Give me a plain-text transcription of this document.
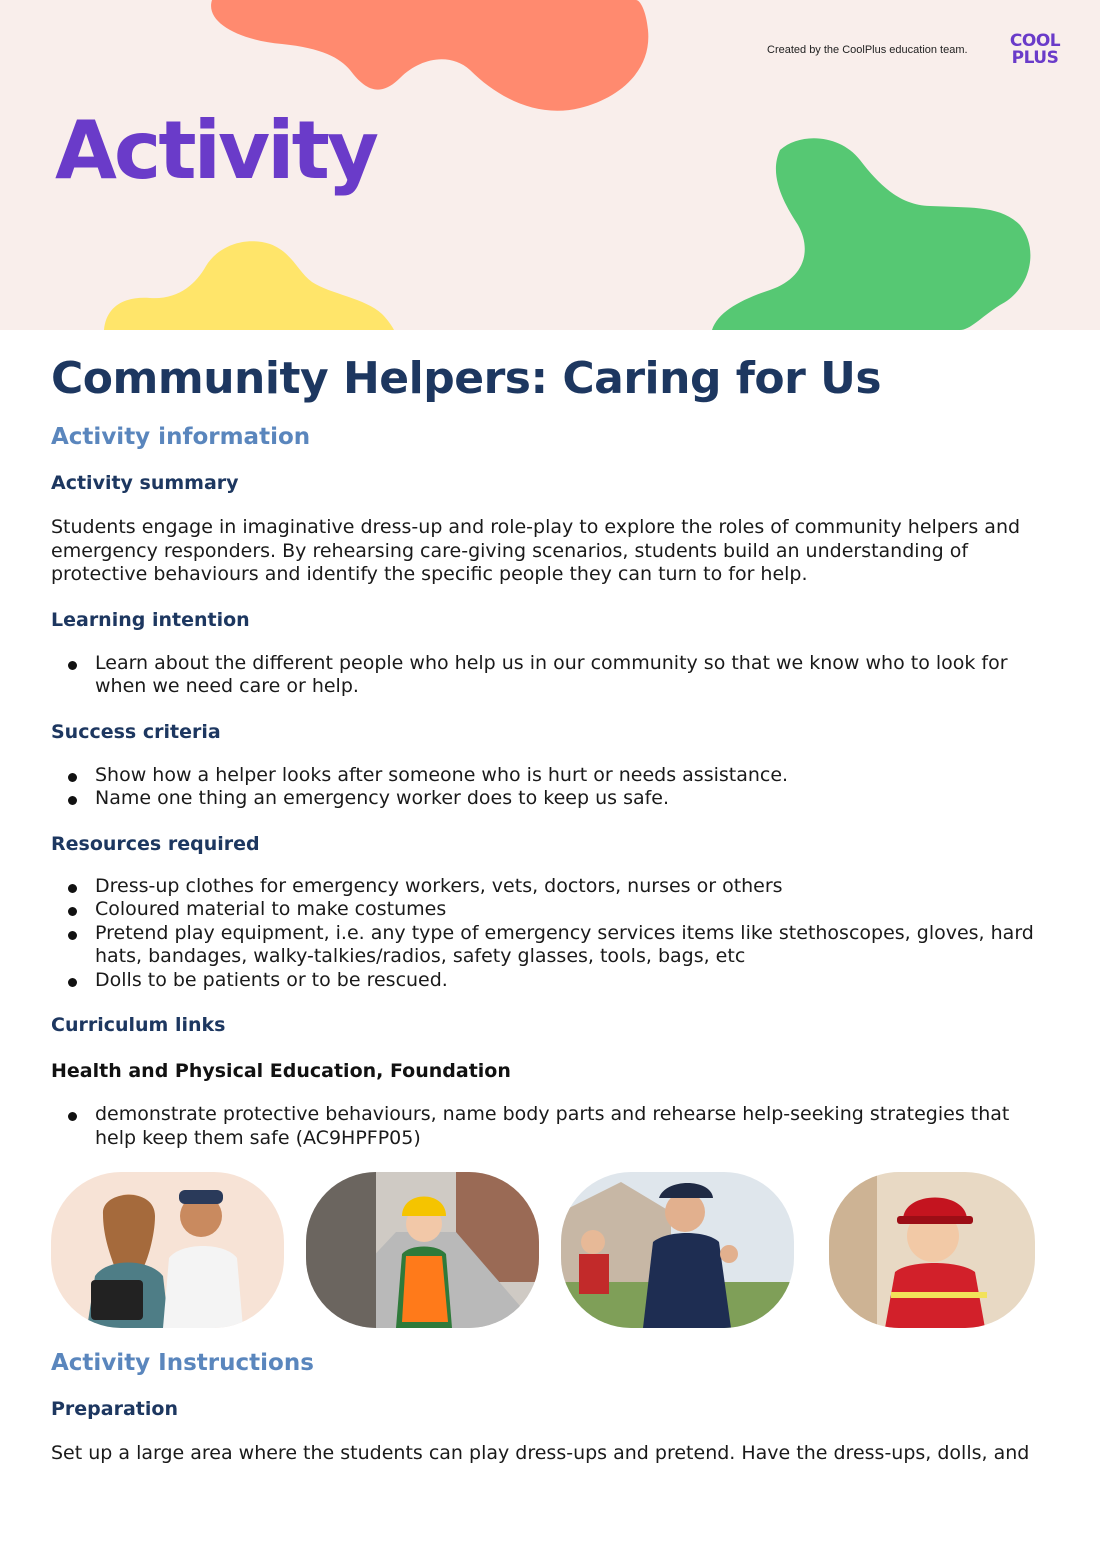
Created by the CoolPlus education team.	COOL
PLUS
Activity
Community Helpers: Caring for Us
Activity information
Activity summary

Students engage in imaginative dress-up and role-play to explore the roles of community helpers and emergency responders. By rehearsing care-giving scenarios, students build an understanding of protective behaviours and identify the specific people they can turn to for help.

Learning intention
Learn about the different people who help us in our community so that we know who to look for when we need care or help.
Success criteria
Show how a helper looks after someone who is hurt or needs assistance.
Name one thing an emergency worker does to keep us safe.
Resources required
Dress-up clothes for emergency workers, vets, doctors, nurses or others
Coloured material to make costumes
Pretend play equipment, i.e. any type of emergency services items like stethoscopes, gloves, hard hats, bandages, walky-talkies/radios, safety glasses, tools, bags, etc
Dolls to be patients or to be rescued.
Curriculum links
Health and Physical Education, Foundation
demonstrate protective behaviours, name body parts and rehearse help-seeking strategies that help keep them safe (AC9HPFP05)
Activity Instructions
Preparation

Set up a large area where the students can play dress-ups and pretend. Have the dress-ups, dolls, and
